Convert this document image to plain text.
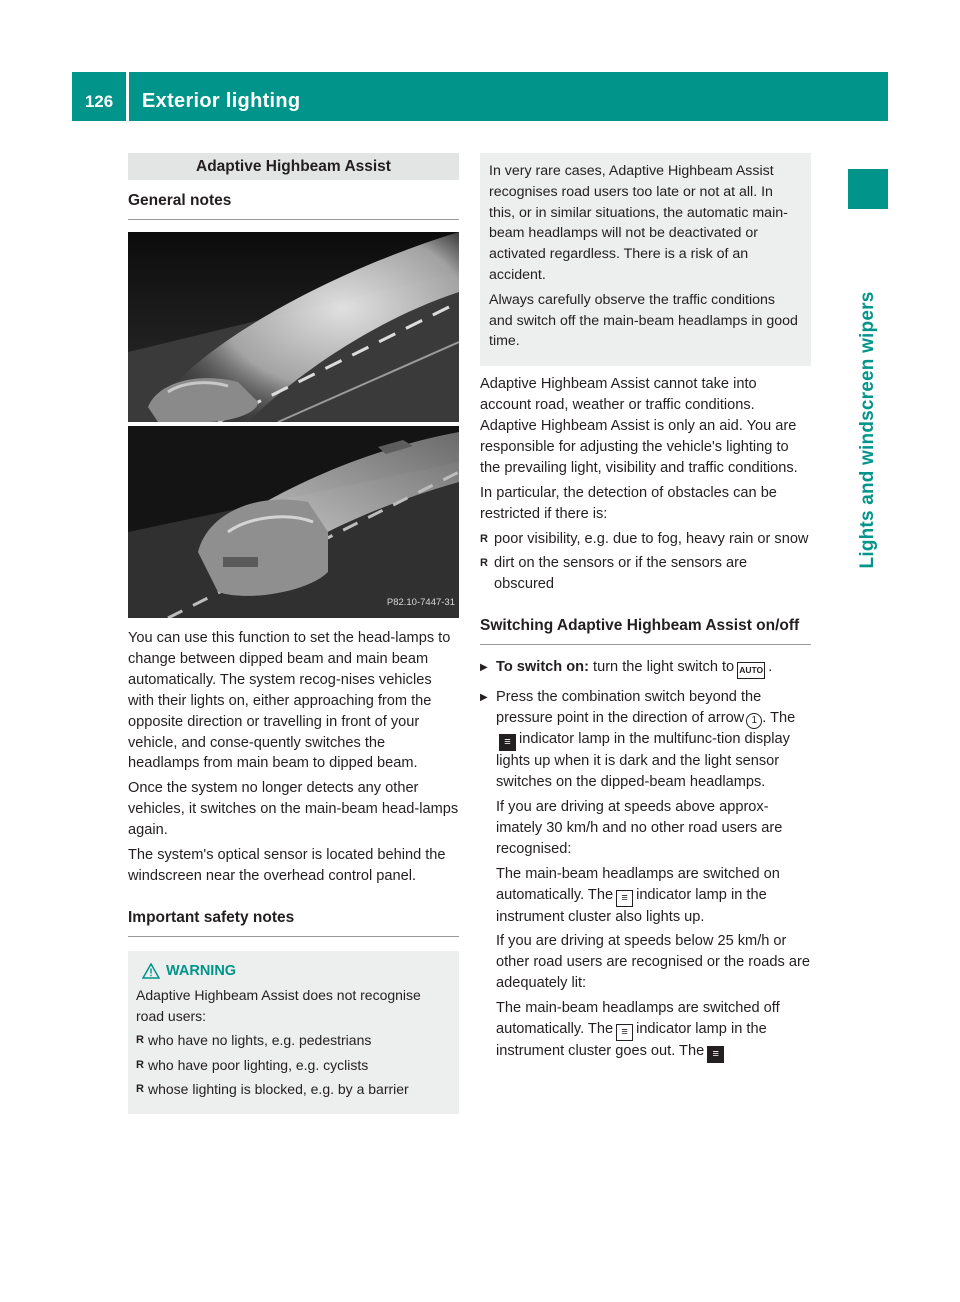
126	Exterior lighting
Lights and windscreen wipers
Adaptive Highbeam Assist
General notes
P82.10-7447-31

You can use this function to set the head-lamps to change between dipped beam and main beam automatically. The system recog-nises vehicles with their lights on, either approaching from the opposite direction or travelling in front of your vehicle, and conse-quently switches the headlamps from main beam to dipped beam.

Once the system no longer detects any other vehicles, it switches on the main-beam head-lamps again.

The system's optical sensor is located behind the windscreen near the overhead control panel.

Important safety notes
WARNING

Adaptive Highbeam Assist does not recognise road users:

R who have no lights, e.g. pedestrians
R who have poor lighting, e.g. cyclists
R whose lighting is blocked, e.g. by a barrier

In very rare cases, Adaptive Highbeam Assist recognises road users too late or not at all. In this, or in similar situations, the automatic main-beam headlamps will not be deactivated or activated regardless. There is a risk of an accident.

Always carefully observe the traffic conditions and switch off the main-beam headlamps in good time.

Adaptive Highbeam Assist cannot take into account road, weather or traffic conditions. Adaptive Highbeam Assist is only an aid. You are responsible for adjusting the vehicle's lighting to the prevailing light, visibility and traffic conditions.

In particular, the detection of obstacles can be restricted if there is:

R poor visibility, e.g. due to fog, heavy rain or snow
R dirt on the sensors or if the sensors are obscured
Switching Adaptive Highbeam Assist on/off
▶ To switch on: turn the light switch to AUTO .

▶ Press the combination switch beyond the pressure point in the direction of arrow 1 . The≡ indicator lamp in the multifunc-tion display lights up when it is dark and the light sensor switches on the dipped-beam headlamps.

If you are driving at speeds above approx-imately 30 km/h and no other road users are recognised:

The main-beam headlamps are switched on automatically. The ≡ indicator lamp in the instrument cluster also lights up.

If you are driving at speeds below 25 km/h or other road users are recognised or the roads are adequately lit:

The main-beam headlamps are switched off automatically. The ≡ indicator lamp in the instrument cluster goes out. The ≡
